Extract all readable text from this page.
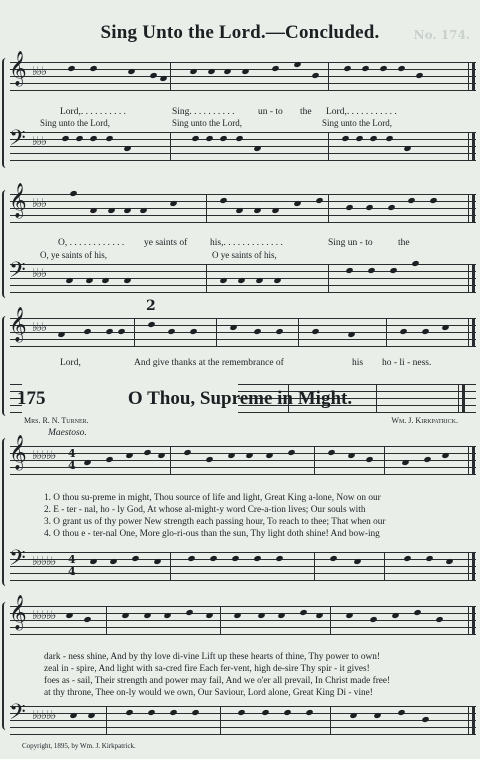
Sing Unto the Lord.—Concluded.	No. 174.
𝄞 ♭♭♭
Lord,. . . . . . . . . .	Sing. . . . . . . . . . un - to the Lord,. . . . . . . . . . .
Sing unto the Lord,	Sing unto the Lord,	Sing unto the Lord,
𝄢 ♭♭♭
𝄞 ♭♭♭
O, . . . . . . . . . . . . ye saints of his,. . . . . . . . . . . . .	Sing un - to	the
O, ye saints of his,	O ye saints of his,
𝄢 ♭♭♭
2
𝄞 ♭♭♭
Lord,	And give thanks at the remembrance of	his ho - li - ness.
175	O Thou, Supreme in Might.
Mrs. R. N. Turner.	Wm. J. Kirkpatrick.
Maestoso.
𝄞 ♭♭♭♭♭ 4
4
1. O thou su-preme in might, Thou source of life and light, Great King a-lone, Now on our
2. E - ter - nal, ho - ly God, At whose al-might-y word Cre-a-tion lives; Our souls with
3. O grant us of thy power New strength each passing hour, To reach to thee; That when our
4. O thou e - ter-nal One, More glo-ri-ous than the sun, Thy light doth shine! And bow-ing
𝄢 ♭♭♭♭♭ 4
4
𝄞 ♭♭♭♭♭
dark - ness shine, And by thy love di-vine Lift up these hearts of thine, Thy power to own!
zeal in - spire, And light with sa-cred fire Each fer-vent, high de-sire Thy spir - it gives!
foes as - sail, Their strength and power may fail, And we o'er all prevail, In Christ made free!
at thy throne, Thee on-ly would we own, Our Saviour, Lord alone, Great King Di - vine!
𝄢 ♭♭♭♭♭
Copyright, 1895, by Wm. J. Kirkpatrick.
